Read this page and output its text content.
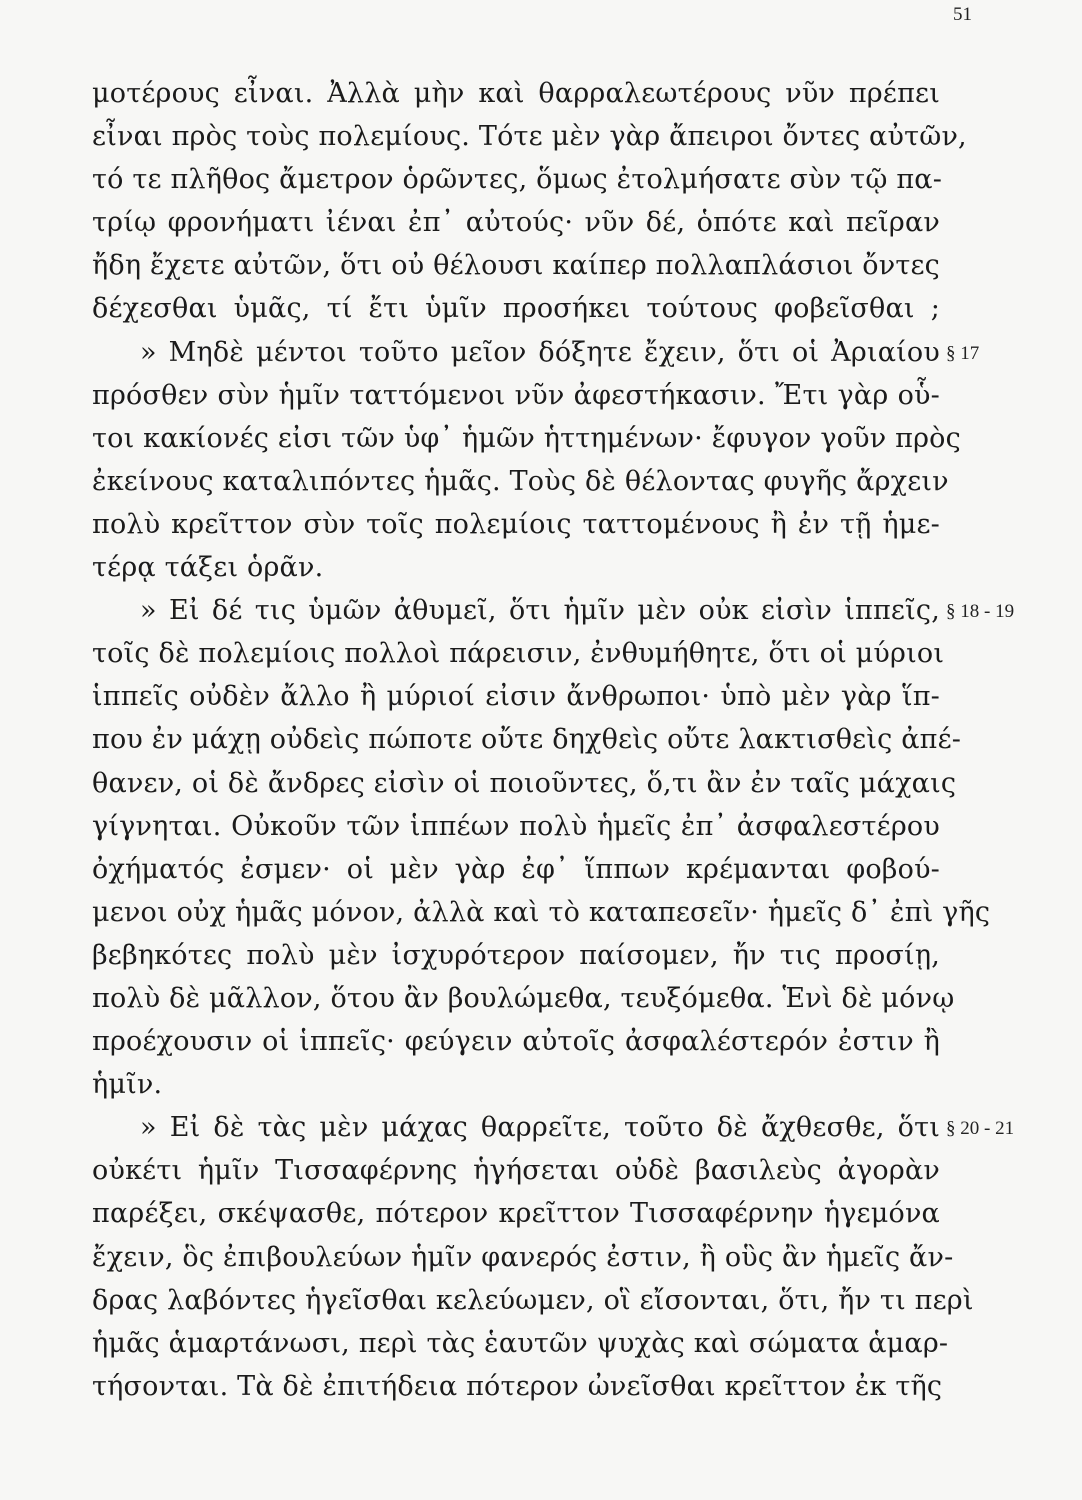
51
μοτέρους εἶναι. Ἀλλὰ μὴν καὶ θαρραλεωτέρους νῦν πρέπει
εἶναι πρὸς τοὺς πολεμίους. Τότε μὲν γὰρ ἄπειροι ὄντες αὐτῶν,
τό τε πλῆθος ἄμετρον ὁρῶντες, ὅμως ἐτολμήσατε σὺν τῷ πα-
τρίῳ φρονήματι ἰέναι ἐπ᾽ αὐτούς· νῦν δέ, ὁπότε καὶ πεῖραν
ἤδη ἔχετε αὐτῶν, ὅτι οὐ θέλουσι καίπερ πολλαπλάσιοι ὄντες
δέχεσθαι ὑμᾶς, τί ἔτι ὑμῖν προσήκει τούτους φοβεῖσθαι ;
» Μηδὲ μέντοι τοῦτο μεῖον δόξητε ἔχειν, ὅτι οἱ Ἀριαίου
πρόσθεν σὺν ἡμῖν ταττόμενοι νῦν ἀφεστήκασιν. Ἔτι γὰρ οὗ-
τοι κακίονές εἰσι τῶν ὑφ᾽ ἡμῶν ἡττημένων· ἔφυγον γοῦν πρὸς
ἐκείνους καταλιπόντες ἡμᾶς. Τοὺς δὲ θέλοντας φυγῆς ἄρχειν
πολὺ κρεῖττον σὺν τοῖς πολεμίοις ταττομένους ἢ ἐν τῇ ἡμε-
τέρᾳ τάξει ὁρᾶν.
» Εἰ δέ τις ὑμῶν ἀθυμεῖ, ὅτι ἡμῖν μὲν οὐκ εἰσὶν ἱππεῖς,
τοῖς δὲ πολεμίοις πολλοὶ πάρεισιν, ἐνθυμήθητε, ὅτι οἱ μύριοι
ἱππεῖς οὐδὲν ἄλλο ἢ μύριοί εἰσιν ἄνθρωποι· ὑπὸ μὲν γὰρ ἵπ-
που ἐν μάχῃ οὐδεὶς πώποτε οὔτε δηχθεὶς οὔτε λακτισθεὶς ἀπέ-
θανεν, οἱ δὲ ἄνδρες εἰσὶν οἱ ποιοῦντες, ὅ,τι ἂν ἐν ταῖς μάχαις
γίγνηται. Οὐκοῦν τῶν ἱππέων πολὺ ἡμεῖς ἐπ᾽ ἀσφαλεστέρου
ὀχήματός ἐσμεν· οἱ μὲν γὰρ ἐφ᾽ ἵππων κρέμανται φοβού-
μενοι οὐχ ἡμᾶς μόνον, ἀλλὰ καὶ τὸ καταπεσεῖν· ἡμεῖς δ᾽ ἐπὶ γῆς
βεβηκότες πολὺ μὲν ἰσχυρότερον παίσομεν, ἤν τις προσίῃ,
πολὺ δὲ μᾶλλον, ὅτου ἂν βουλώμεθα, τευξόμεθα. Ἑνὶ δὲ μόνῳ
προέχουσιν οἱ ἱππεῖς· φεύγειν αὐτοῖς ἀσφαλέστερόν ἐστιν ἢ
ἡμῖν.
» Εἰ δὲ τὰς μὲν μάχας θαρρεῖτε, τοῦτο δὲ ἄχθεσθε, ὅτι
οὐκέτι ἡμῖν Τισσαφέρνης ἡγήσεται οὐδὲ βασιλεὺς ἀγορὰν
παρέξει, σκέψασθε, πότερον κρεῖττον Τισσαφέρνην ἡγεμόνα
ἔχειν, ὃς ἐπιβουλεύων ἡμῖν φανερός ἐστιν, ἢ οὓς ἂν ἡμεῖς ἄν-
δρας λαβόντες ἡγεῖσθαι κελεύωμεν, οἳ εἴσονται, ὅτι, ἤν τι περὶ
ἡμᾶς ἁμαρτάνωσι, περὶ τὰς ἑαυτῶν ψυχὰς καὶ σώματα ἁμαρ-
τήσονται. Τὰ δὲ ἐπιτήδεια πότερον ὠνεῖσθαι κρεῖττον ἐκ τῆς
§ 17
§ 18 - 19
§ 20 - 21
